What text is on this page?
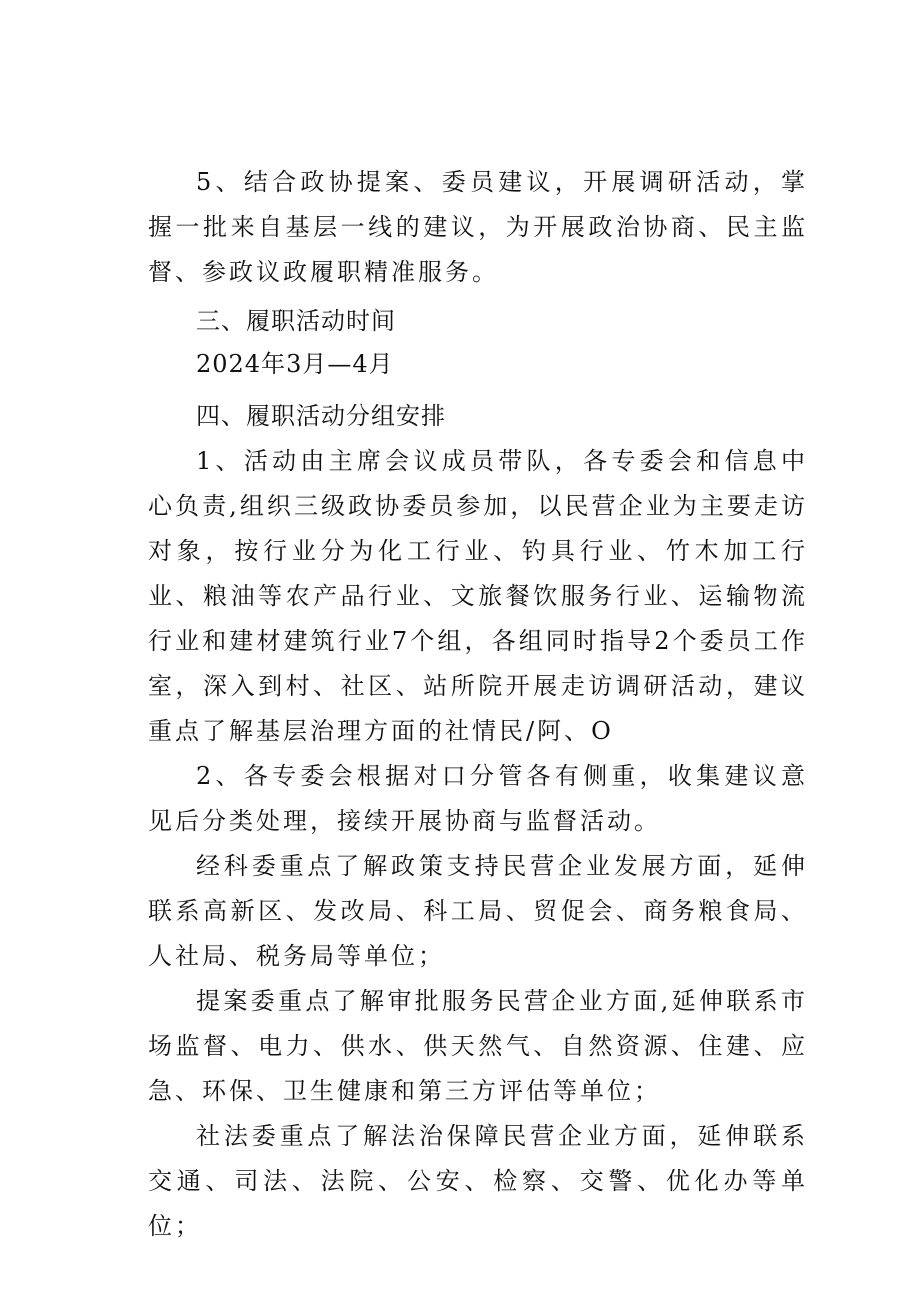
5、结合政协提案、委员建议，开展调研活动，掌握一批来自基层一线的建议，为开展政治协商、民主监督、参政议政履职精准服务。

三、履职活动时间

2024年3月—4月

四、履职活动分组安排

1、活动由主席会议成员带队，各专委会和信息中心负责,组织三级政协委员参加，以民营企业为主要走访对象，按行业分为化工行业、钓具行业、竹木加工行业、粮油等农产品行业、文旅餐饮服务行业、运输物流行业和建材建筑行业7个组，各组同时指导2个委员工作室，深入到村、社区、站所院开展走访调研活动，建议重点了解基层治理方面的社情民/阿、O

2、各专委会根据对口分管各有侧重，收集建议意见后分类处理，接续开展协商与监督活动。

经科委重点了解政策支持民营企业发展方面，延伸联系高新区、发改局、科工局、贸促会、商务粮食局、人社局、税务局等单位；

提案委重点了解审批服务民营企业方面,延伸联系市场监督、电力、供水、供天然气、自然资源、住建、应急、环保、卫生健康和第三方评估等单位；

社法委重点了解法治保障民营企业方面，延伸联系交通、司法、法院、公安、检察、交警、优化办等单位；
